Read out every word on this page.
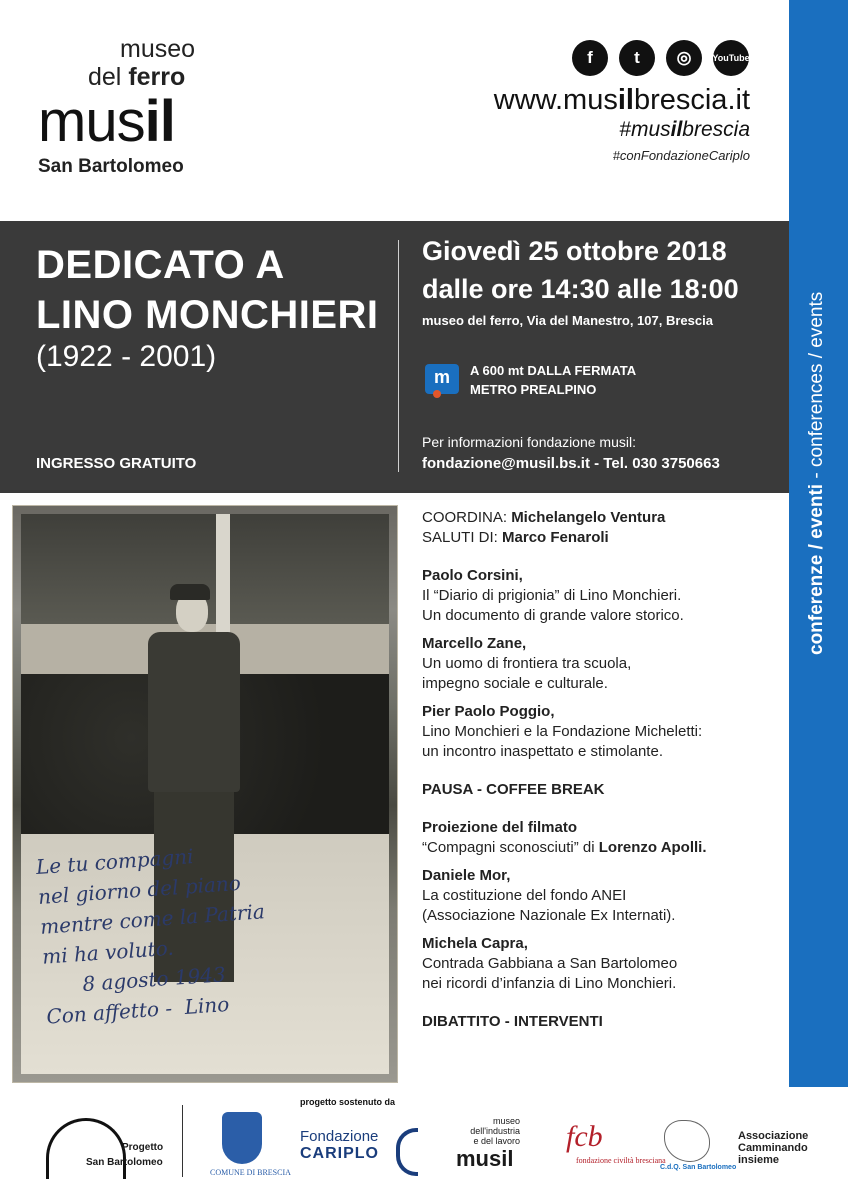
museo
del ferro
musil
San Bartolomeo
f	t	◎	You Tube
www.musilbrescia.it
#musilbrescia
#conFondazioneCariplo
conferenze / eventi - conferences / events
DEDICATO A
LINO MONCHIERI
(1922 - 2001)
INGRESSO GRATUITO
Giovedì 25 ottobre 2018
dalle ore 14:30 alle 18:00
museo del ferro, Via del Manestro, 107, Brescia
m	A 600 mt DALLA FERMATA
METRO PREALPINO
Per informazioni fondazione musil:
fondazione@musil.bs.it - Tel. 030 3750663
Le tu compagni
nel giorno del piano
mentre come la Patria
mi ha voluto.
8 agosto 1943
Con affetto -  Lino
COORDINA: Michelangelo Ventura
SALUTI DI: Marco Fenaroli
Paolo Corsini,
Il “Diario di prigionia” di Lino Monchieri.
Un documento di grande valore storico.
Marcello Zane,
Un uomo di frontiera tra scuola,
impegno sociale e culturale.
Pier Paolo Poggio,
Lino Monchieri e la Fondazione Micheletti:
un incontro inaspettato e stimolante.
PAUSA - COFFEE BREAK
Proiezione del filmato
“Compagni sconosciuti” di Lorenzo Apolli.
Daniele Mor,
La costituzione del fondo ANEI
(Associazione Nazionale Ex Internati).
Michela Capra,
Contrada Gabbiana a San Bartolomeo
nei ricordi d’infanzia di Lino Monchieri.
DIBATTITO - INTERVENTI
progetto sostenuto da
Progetto
San Bartolomeo
COMUNE DI BRESCIA
Fondazione
CARIPLO
museo
dell'industria
e del lavoro
musil
fcb
fondazione civiltà bresciana
C.d.Q. San Bartolomeo
Associazione
Camminando
insieme
